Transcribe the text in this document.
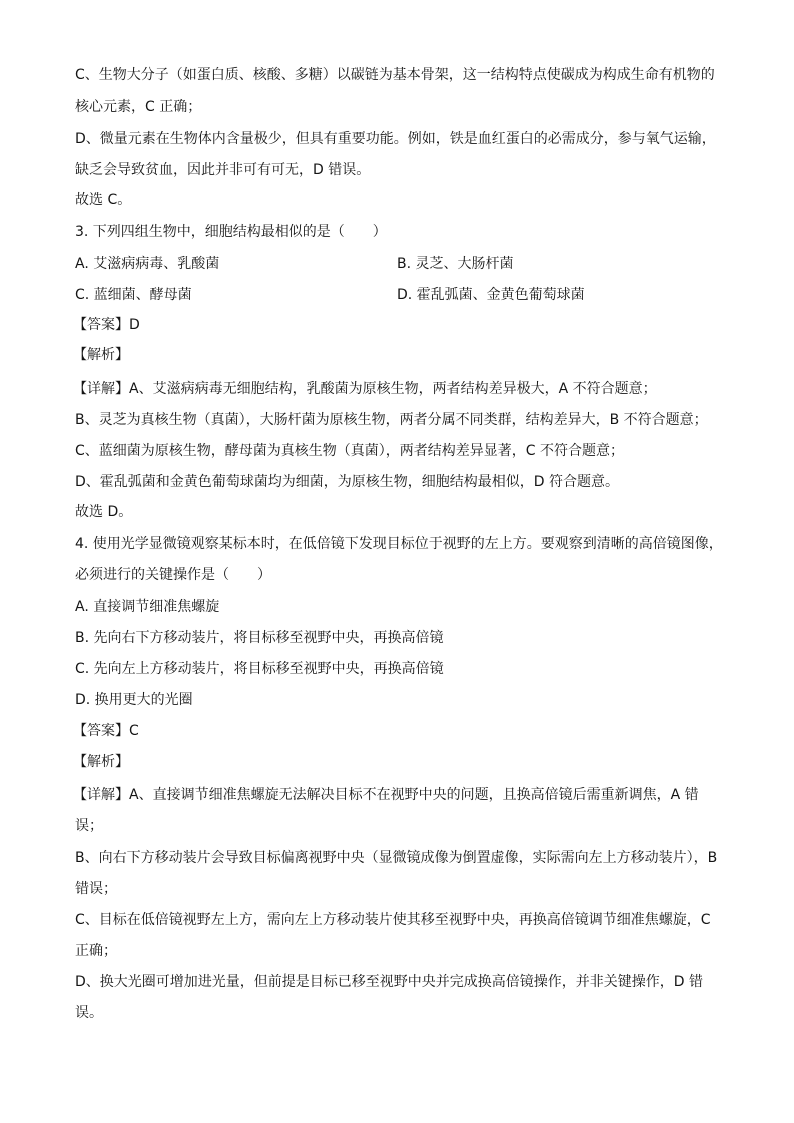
C、生物大分子（如蛋白质、核酸、多糖）以碳链为基本骨架，这一结构特点使碳成为构成生命有机物的
核心元素，C 正确；
D、微量元素在生物体内含量极少，但具有重要功能。例如，铁是血红蛋白的必需成分，参与氧气运输，
缺乏会导致贫血，因此并非可有可无，D 错误。
故选 C。
3. 下列四组生物中，细胞结构最相似的是（　　）
A. 艾滋病病毒、乳酸菌	B. 灵芝、大肠杆菌
C. 蓝细菌、酵母菌	D. 霍乱弧菌、金黄色葡萄球菌
【答案】D
【解析】
【详解】A、艾滋病病毒无细胞结构，乳酸菌为原核生物，两者结构差异极大，A 不符合题意；
B、灵芝为真核生物（真菌），大肠杆菌为原核生物，两者分属不同类群，结构差异大，B 不符合题意；
C、蓝细菌为原核生物，酵母菌为真核生物（真菌），两者结构差异显著，C 不符合题意；
D、霍乱弧菌和金黄色葡萄球菌均为细菌，为原核生物，细胞结构最相似，D 符合题意。
故选 D。
4. 使用光学显微镜观察某标本时，在低倍镜下发现目标位于视野的左上方。要观察到清晰的高倍镜图像，
必须进行的关键操作是（　　）
A. 直接调节细准焦螺旋
B. 先向右下方移动装片，将目标移至视野中央，再换高倍镜
C. 先向左上方移动装片，将目标移至视野中央，再换高倍镜
D. 换用更大的光圈
【答案】C
【解析】
【详解】A、直接调节细准焦螺旋无法解决目标不在视野中央的问题，且换高倍镜后需重新调焦，A 错
误；
B、向右下方移动装片会导致目标偏离视野中央（显微镜成像为倒置虚像，实际需向左上方移动装片），B
错误；
C、目标在低倍镜视野左上方，需向左上方移动装片使其移至视野中央，再换高倍镜调节细准焦螺旋，C
正确；
D、换大光圈可增加进光量，但前提是目标已移至视野中央并完成换高倍镜操作，并非关键操作，D 错
误。
